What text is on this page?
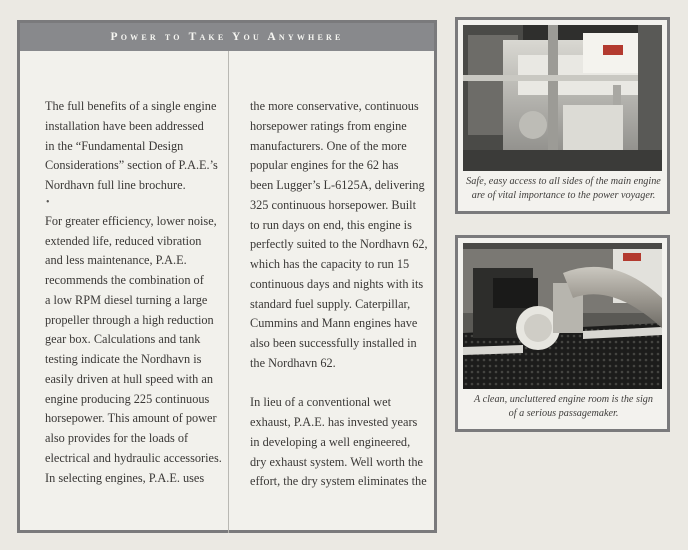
Power to Take You Anywhere

The full benefits of a single engine
installation have been addressed
in the “Fundamental Design
Considerations” section of P.A.E.’s
Nordhavn full line brochure.

•

For greater efficiency, lower noise,
extended life, reduced vibration
and less maintenance, P.A.E.
recommends the combination of
a low RPM diesel turning a large
propeller through a high reduction
gear box. Calculations and tank
testing indicate the Nordhavn is
easily driven at hull speed with an
engine producing 225 continuous
horsepower. This amount of power
also provides for the loads of
electrical and hydraulic accessories.
In selecting engines, P.A.E. uses

the more conservative, continuous
horsepower ratings from engine
manufacturers. One of the more
popular engines for the 62 has
been Lugger’s L-6125A, delivering
325 continuous horsepower. Built
to run days on end, this engine is
perfectly suited to the Nordhavn 62,
which has the capacity to run 15
continuous days and nights with its
standard fuel supply. Caterpillar,
Cummins and Mann engines have
also been successfully installed in
the Nordhavn 62.

In lieu of a conventional wet
exhaust, P.A.E. has invested years
in developing a well engineered,
dry exhaust system. Well worth the
effort, the dry system eliminates the

Safe, easy access to all sides of the main engine
are of vital importance to the power voyager.
A clean, uncluttered engine room is the sign
of a serious passagemaker.
